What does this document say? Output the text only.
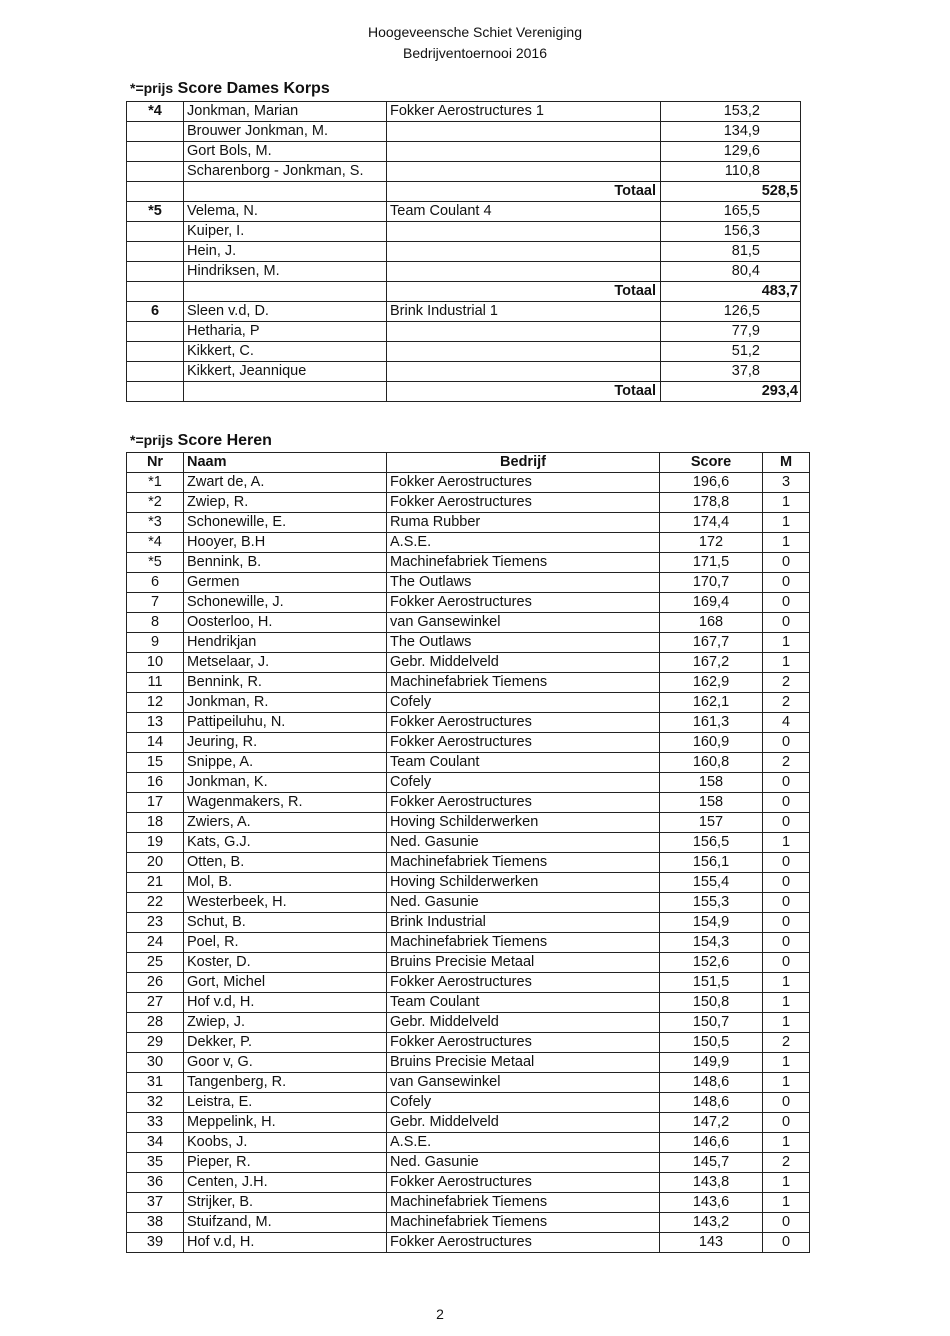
Hoogeveensche Schiet Vereniging
Bedrijventoernooi 2016
*=prijs Score Dames Korps
*4	Jonkman, Marian	Fokker Aerostructures 1	153,2
	Brouwer Jonkman, M.		134,9
	Gort Bols, M.		129,6
	Scharenborg - Jonkman, S.		110,8
		Totaal	528,5
*5	Velema, N.	Team Coulant 4	165,5
	Kuiper, I.		156,3
	Hein, J.		81,5
	Hindriksen, M.		80,4
		Totaal	483,7
6	Sleen v.d, D.	Brink Industrial 1	126,5
	Hetharia, P		77,9
	Kikkert, C.		51,2
	Kikkert, Jeannique		37,8
		Totaal	293,4
*=prijs Score Heren
Nr	Naam	Bedrijf	Score	M
*1	Zwart de, A.	Fokker Aerostructures	196,6	3
*2	Zwiep, R.	Fokker Aerostructures	178,8	1
*3	Schonewille, E.	Ruma Rubber	174,4	1
*4	Hooyer, B.H	A.S.E.	172	1
*5	Bennink, B.	Machinefabriek Tiemens	171,5	0
6	Germen	The Outlaws	170,7	0
7	Schonewille, J.	Fokker Aerostructures	169,4	0
8	Oosterloo, H.	van Gansewinkel	168	0
9	Hendrikjan	The Outlaws	167,7	1
10	Metselaar, J.	Gebr. Middelveld	167,2	1
11	Bennink, R.	Machinefabriek Tiemens	162,9	2
12	Jonkman, R.	Cofely	162,1	2
13	Pattipeiluhu, N.	Fokker Aerostructures	161,3	4
14	Jeuring, R.	Fokker Aerostructures	160,9	0
15	Snippe, A.	Team Coulant	160,8	2
16	Jonkman, K.	Cofely	158	0
17	Wagenmakers, R.	Fokker Aerostructures	158	0
18	Zwiers, A.	Hoving Schilderwerken	157	0
19	Kats, G.J.	Ned. Gasunie	156,5	1
20	Otten, B.	Machinefabriek Tiemens	156,1	0
21	Mol, B.	Hoving Schilderwerken	155,4	0
22	Westerbeek, H.	Ned. Gasunie	155,3	0
23	Schut, B.	Brink Industrial	154,9	0
24	Poel, R.	Machinefabriek Tiemens	154,3	0
25	Koster, D.	Bruins Precisie Metaal	152,6	0
26	Gort, Michel	Fokker Aerostructures	151,5	1
27	Hof v.d, H.	Team Coulant	150,8	1
28	Zwiep, J.	Gebr. Middelveld	150,7	1
29	Dekker, P.	Fokker Aerostructures	150,5	2
30	Goor v, G.	Bruins Precisie Metaal	149,9	1
31	Tangenberg, R.	van Gansewinkel	148,6	1
32	Leistra, E.	Cofely	148,6	0
33	Meppelink, H.	Gebr. Middelveld	147,2	0
34	Koobs, J.	A.S.E.	146,6	1
35	Pieper, R.	Ned. Gasunie	145,7	2
36	Centen, J.H.	Fokker Aerostructures	143,8	1
37	Strijker, B.	Machinefabriek Tiemens	143,6	1
38	Stuifzand, M.	Machinefabriek Tiemens	143,2	0
39	Hof v.d, H.	Fokker Aerostructures	143	0
2
